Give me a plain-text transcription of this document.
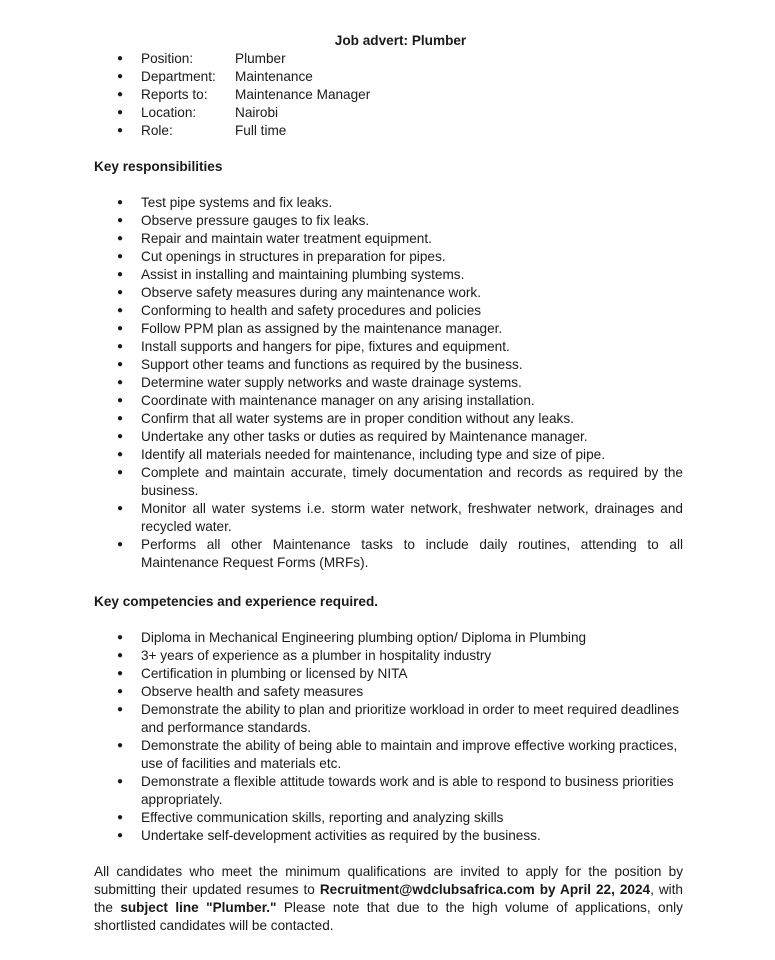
Job advert: Plumber
● Position:	Plumber
● Department: Maintenance
● Reports to: Maintenance Manager
● Location:	Nairobi
● Role:	Full time
Key responsibilities
● Test pipe systems and fix leaks.
● Observe pressure gauges to fix leaks.
● Repair and maintain water treatment equipment.
● Cut openings in structures in preparation for pipes.
● Assist in installing and maintaining plumbing systems.
● Observe safety measures during any maintenance work.
● Conforming to health and safety procedures and policies
● Follow PPM plan as assigned by the maintenance manager.
● Install supports and hangers for pipe, fixtures and equipment.
● Support other teams and functions as required by the business.
● Determine water supply networks and waste drainage systems.
● Coordinate with maintenance manager on any arising installation.
● Confirm that all water systems are in proper condition without any leaks.
● Undertake any other tasks or duties as required by Maintenance manager.
● Identify all materials needed for maintenance, including type and size of pipe.
● Complete and maintain accurate, timely documentation and records as required by the business.
● Monitor all water systems i.e. storm water network, freshwater network, drainages and recycled water.
● Performs all other Maintenance tasks to include daily routines, attending to all Maintenance Request Forms (MRFs).
Key competencies and experience required.
● Diploma in Mechanical Engineering plumbing option/ Diploma in Plumbing
● 3+ years of experience as a plumber in hospitality industry
● Certification in plumbing or licensed by NITA
● Observe health and safety measures
● Demonstrate the ability to plan and prioritize workload in order to meet required deadlines and performance standards.
● Demonstrate the ability of being able to maintain and improve effective working practices, use of facilities and materials etc.
● Demonstrate a flexible attitude towards work and is able to respond to business priorities appropriately.
● Effective communication skills, reporting and analyzing skills
● Undertake self-development activities as required by the business.

All candidates who meet the minimum qualifications are invited to apply for the position by submitting their updated resumes to Recruitment@wdclubsafrica.com by April 22, 2024, with the subject line "Plumber." Please note that due to the high volume of applications, only shortlisted candidates will be contacted.
